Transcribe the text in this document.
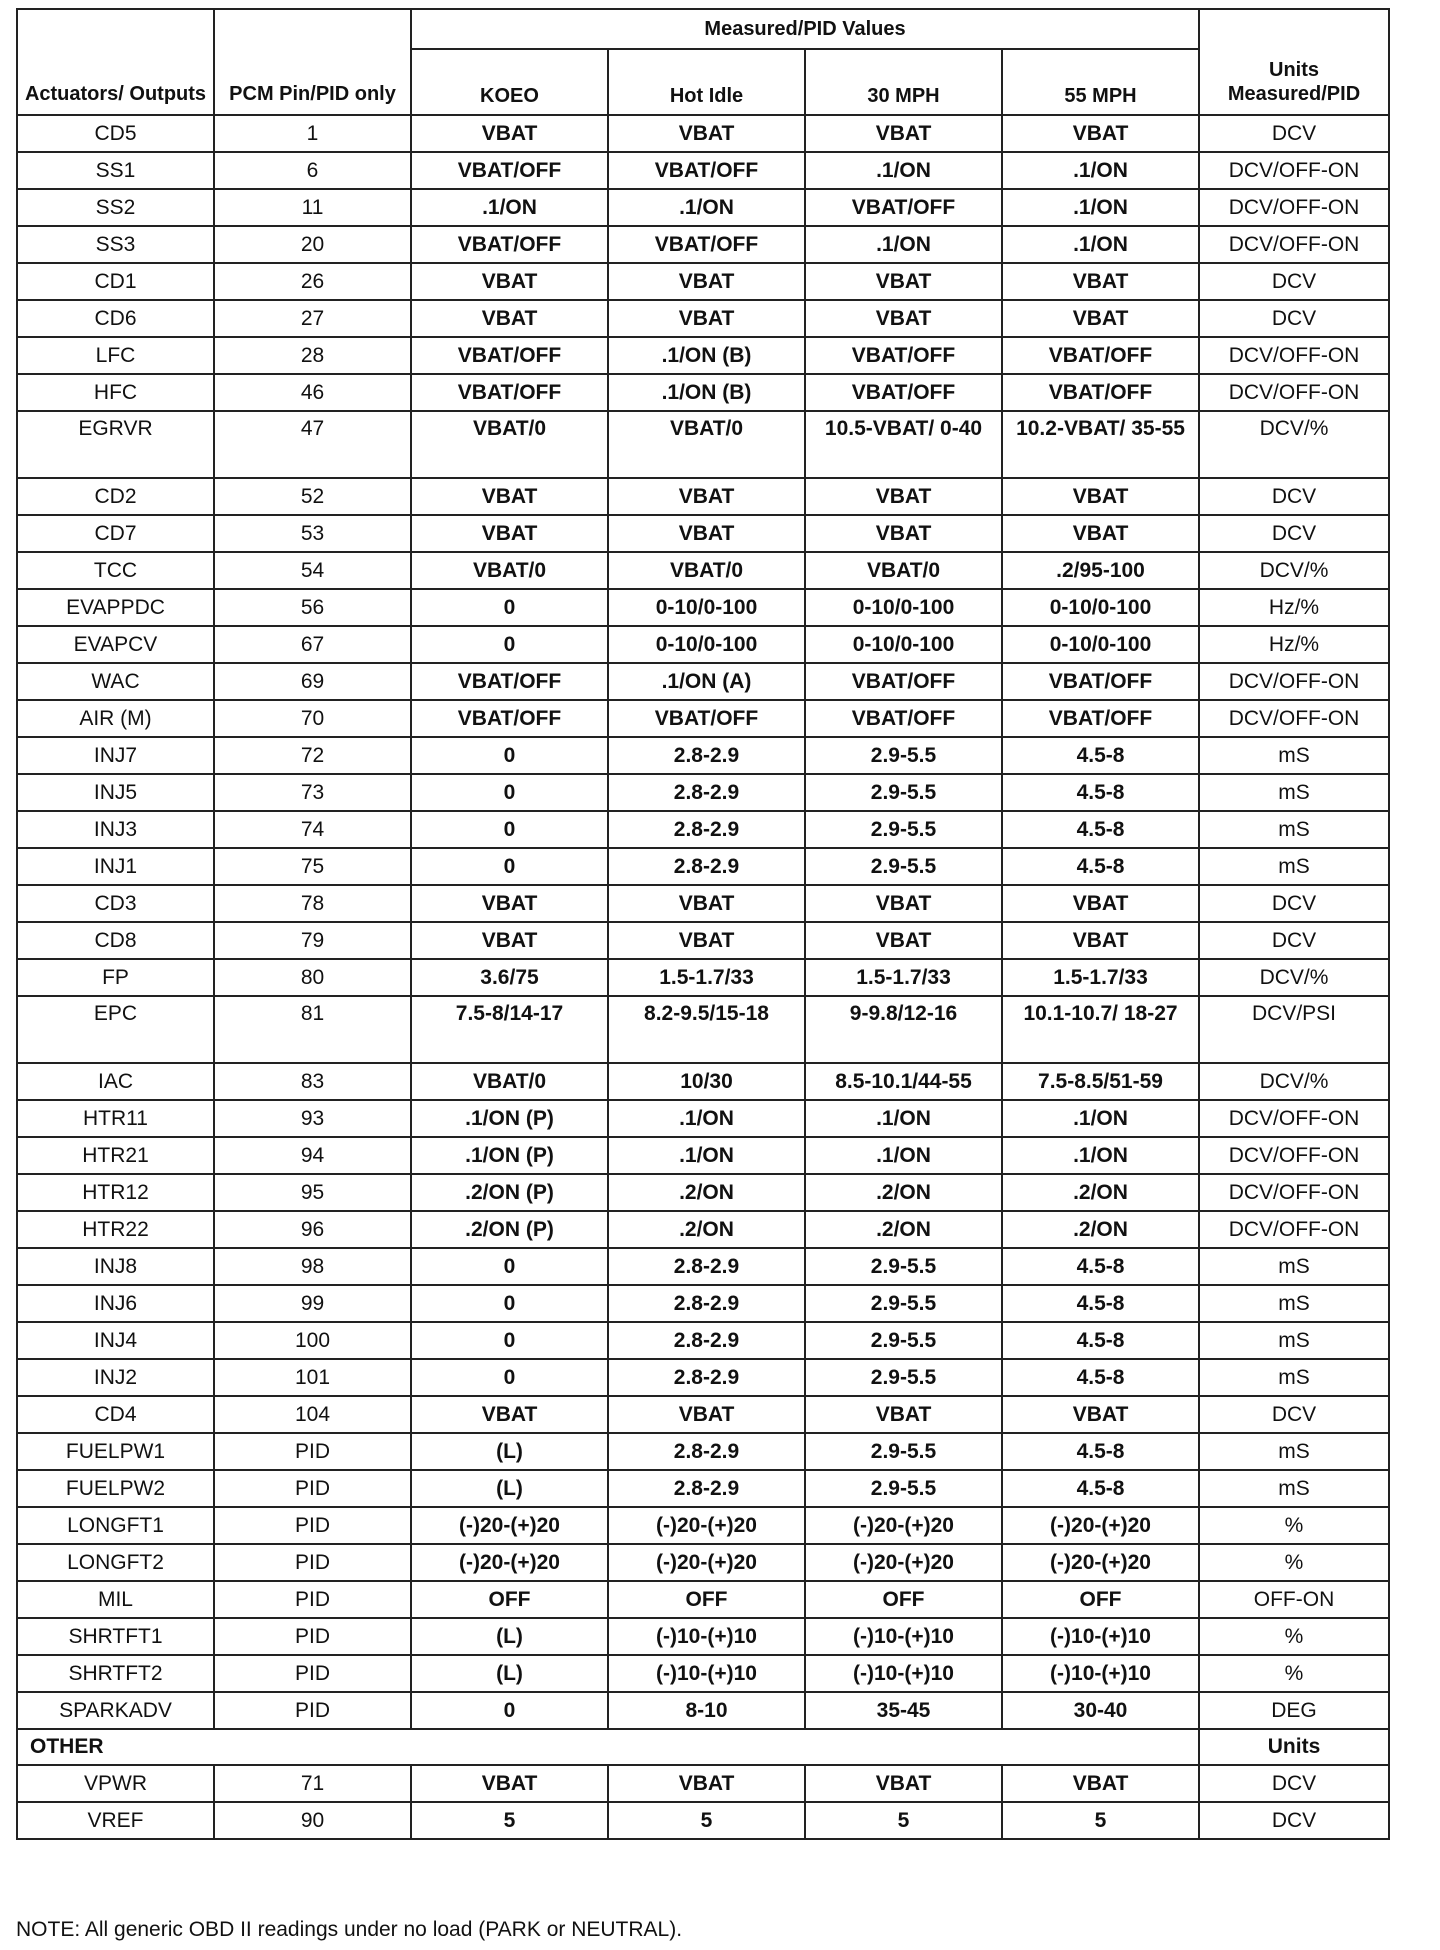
Actuators/ Outputs	PCM Pin/PID only	Measured/PID Values				Units Measured/PID
		KOEO	Hot Idle	30 MPH	55 MPH	
CD5	1	VBAT	VBAT	VBAT	VBAT	DCV
SS1	6	VBAT/OFF	VBAT/OFF	.1/ON	.1/ON	DCV/OFF-ON
SS2	11	.1/ON	.1/ON	VBAT/OFF	.1/ON	DCV/OFF-ON
SS3	20	VBAT/OFF	VBAT/OFF	.1/ON	.1/ON	DCV/OFF-ON
CD1	26	VBAT	VBAT	VBAT	VBAT	DCV
CD6	27	VBAT	VBAT	VBAT	VBAT	DCV
LFC	28	VBAT/OFF	.1/ON (B)	VBAT/OFF	VBAT/OFF	DCV/OFF-ON
HFC	46	VBAT/OFF	.1/ON (B)	VBAT/OFF	VBAT/OFF	DCV/OFF-ON
EGRVR	47	VBAT/0	VBAT/0	10.5-VBAT/ 0-40	10.2-VBAT/ 35-55	DCV/%
CD2	52	VBAT	VBAT	VBAT	VBAT	DCV
CD7	53	VBAT	VBAT	VBAT	VBAT	DCV
TCC	54	VBAT/0	VBAT/0	VBAT/0	.2/95-100	DCV/%
EVAPPDC	56	0	0-10/0-100	0-10/0-100	0-10/0-100	Hz/%
EVAPCV	67	0	0-10/0-100	0-10/0-100	0-10/0-100	Hz/%
WAC	69	VBAT/OFF	.1/ON (A)	VBAT/OFF	VBAT/OFF	DCV/OFF-ON
AIR (M)	70	VBAT/OFF	VBAT/OFF	VBAT/OFF	VBAT/OFF	DCV/OFF-ON
INJ7	72	0	2.8-2.9	2.9-5.5	4.5-8	mS
INJ5	73	0	2.8-2.9	2.9-5.5	4.5-8	mS
INJ3	74	0	2.8-2.9	2.9-5.5	4.5-8	mS
INJ1	75	0	2.8-2.9	2.9-5.5	4.5-8	mS
CD3	78	VBAT	VBAT	VBAT	VBAT	DCV
CD8	79	VBAT	VBAT	VBAT	VBAT	DCV
FP	80	3.6/75	1.5-1.7/33	1.5-1.7/33	1.5-1.7/33	DCV/%
EPC	81	7.5-8/14-17	8.2-9.5/15-18	9-9.8/12-16	10.1-10.7/ 18-27	DCV/PSI
IAC	83	VBAT/0	10/30	8.5-10.1/44-55	7.5-8.5/51-59	DCV/%
HTR11	93	.1/ON (P)	.1/ON	.1/ON	.1/ON	DCV/OFF-ON
HTR21	94	.1/ON (P)	.1/ON	.1/ON	.1/ON	DCV/OFF-ON
HTR12	95	.2/ON (P)	.2/ON	.2/ON	.2/ON	DCV/OFF-ON
HTR22	96	.2/ON (P)	.2/ON	.2/ON	.2/ON	DCV/OFF-ON
INJ8	98	0	2.8-2.9	2.9-5.5	4.5-8	mS
INJ6	99	0	2.8-2.9	2.9-5.5	4.5-8	mS
INJ4	100	0	2.8-2.9	2.9-5.5	4.5-8	mS
INJ2	101	0	2.8-2.9	2.9-5.5	4.5-8	mS
CD4	104	VBAT	VBAT	VBAT	VBAT	DCV
FUELPW1	PID	(L)	2.8-2.9	2.9-5.5	4.5-8	mS
FUELPW2	PID	(L)	2.8-2.9	2.9-5.5	4.5-8	mS
LONGFT1	PID	(-)20-(+)20	(-)20-(+)20	(-)20-(+)20	(-)20-(+)20	%
LONGFT2	PID	(-)20-(+)20	(-)20-(+)20	(-)20-(+)20	(-)20-(+)20	%
MIL	PID	OFF	OFF	OFF	OFF	OFF-ON
SHRTFT1	PID	(L)	(-)10-(+)10	(-)10-(+)10	(-)10-(+)10	%
SHRTFT2	PID	(L)	(-)10-(+)10	(-)10-(+)10	(-)10-(+)10	%
SPARKADV	PID	0	8-10	35-45	30-40	DEG
OTHER						Units
VPWR	71	VBAT	VBAT	VBAT	VBAT	DCV
VREF	90	5	5	5	5	DCV
NOTE: All generic OBD II readings under no load (PARK or NEUTRAL).
